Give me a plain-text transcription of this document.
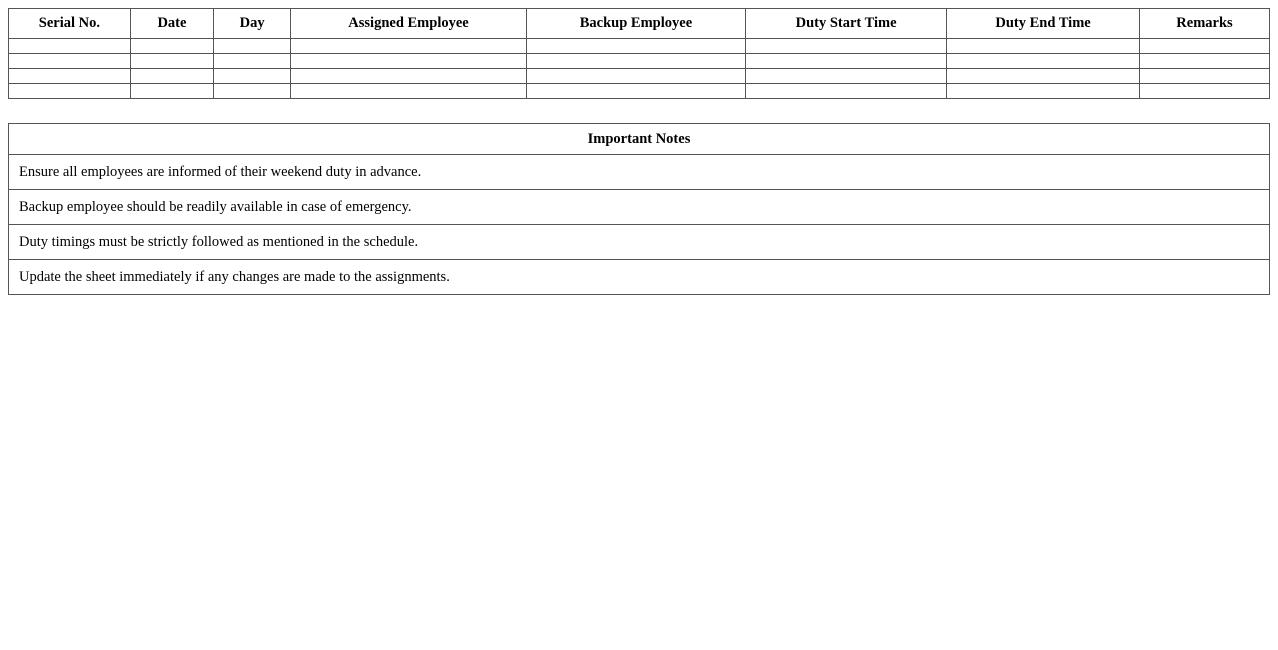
Serial No.	Date	Day	Assigned Employee	Backup Employee	Duty Start Time	Duty End Time	Remarks

Important Notes
Ensure all employees are informed of their weekend duty in advance.
Backup employee should be readily available in case of emergency.
Duty timings must be strictly followed as mentioned in the schedule.
Update the sheet immediately if any changes are made to the assignments.
